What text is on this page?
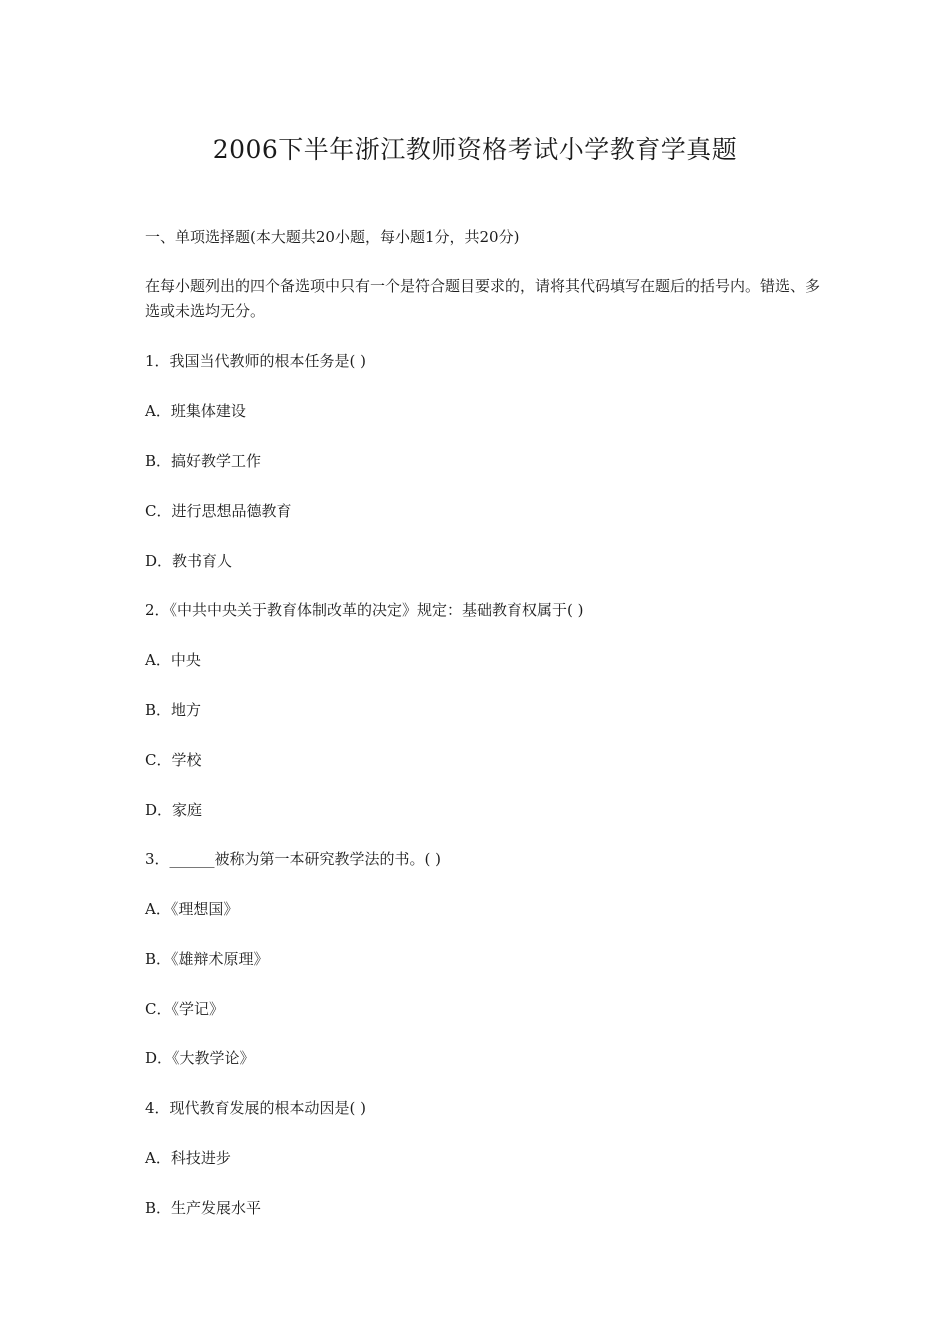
2006下半年浙江教师资格考试小学教育学真题
一、单项选择题(本大题共20小题，每小题1分，共20分)
在每小题列出的四个备选项中只有一个是符合题目要求的，请将其代码填写在题后的括号内。错选、多选或未选均无分。
1．我国当代教师的根本任务是( )
A．班集体建设
B．搞好教学工作
C．进行思想品德教育
D．教书育人
2．《中共中央关于教育体制改革的决定》规定：基础教育权属于( )
A．中央
B．地方
C．学校
D．家庭
3．______被称为第一本研究教学法的书。( )
A．《理想国》
B．《雄辩术原理》
C．《学记》
D．《大教学论》
4．现代教育发展的根本动因是( )
A．科技进步
B．生产发展水平
